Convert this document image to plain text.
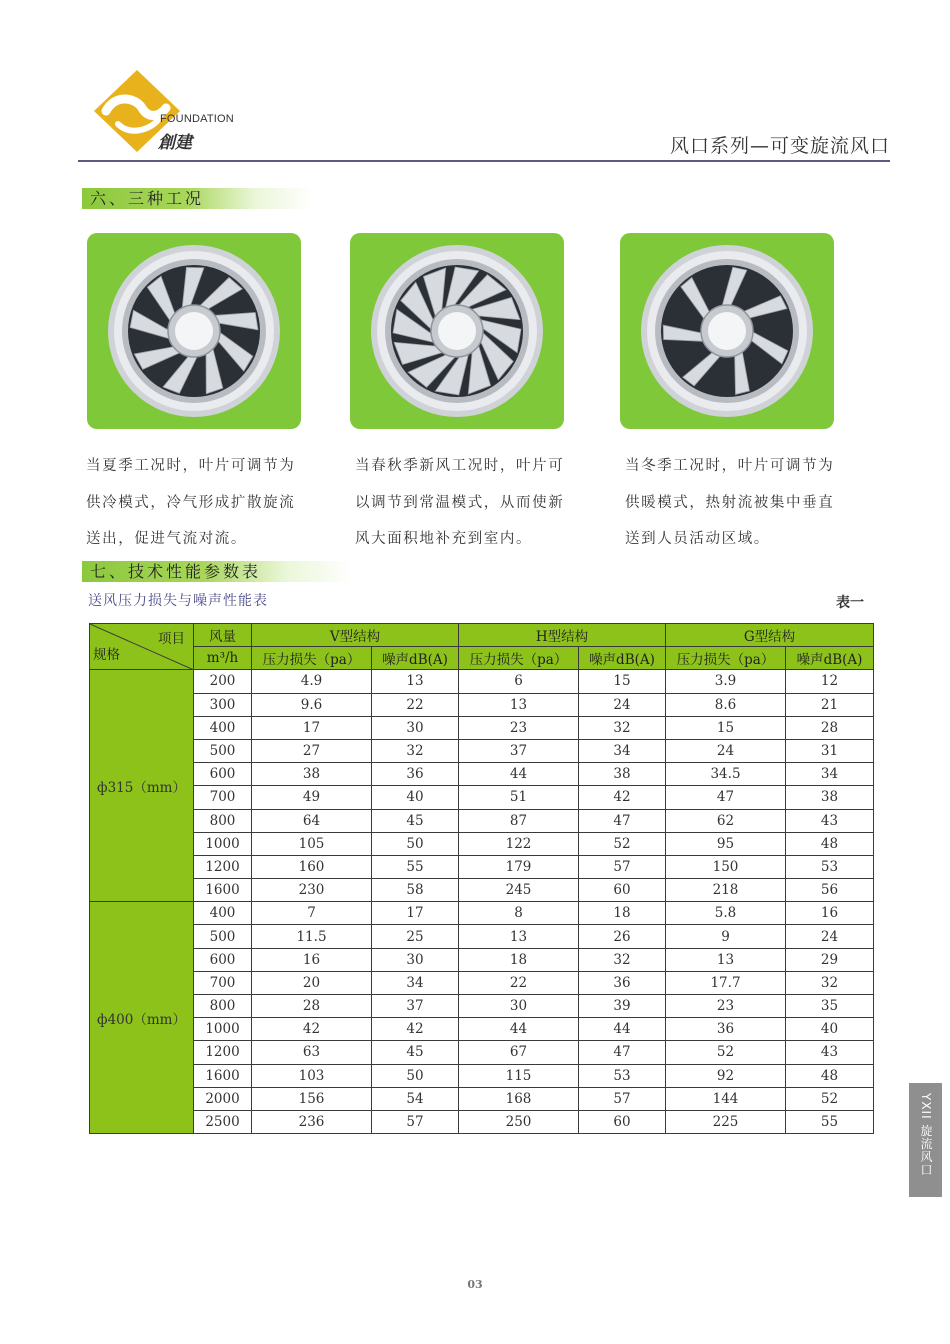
FOUNDATION
創建	风口系列—可变旋流风口
六、三种工况
当夏季工况时，叶片可调节为
供冷模式，冷气形成扩散旋流
送出，促进气流对流。
当春秋季新风工况时，叶片可
以调节到常温模式，从而使新
风大面积地补充到室内。
当冬季工况时，叶片可调节为
供暖模式，热射流被集中垂直
送到人员活动区域。
七、技术性能参数表
送风压力损失与噪声性能表	表一
项目
规格	风量	V型结构		H型结构		G型结构	
	m³/h	压力损失（pa）	噪声dB(A)	压力损失（pa）	噪声dB(A)	压力损失（pa）	噪声dB(A)
ф315（mm）	200	4.9	13	6	15	3.9	12
	300	9.6	22	13	24	8.6	21
	400	17	30	23	32	15	28
	500	27	32	37	34	24	31
	600	38	36	44	38	34.5	34
	700	49	40	51	42	47	38
	800	64	45	87	47	62	43
	1000	105	50	122	52	95	48
	1200	160	55	179	57	150	53
	1600	230	58	245	60	218	56
ф400（mm）	400	7	17	8	18	5.8	16
	500	11.5	25	13	26	9	24
	600	16	30	18	32	13	29
	700	20	34	22	36	17.7	32
	800	28	37	30	39	23	35
	1000	42	42	44	44	36	40
	1200	63	45	67	47	52	43
	1600	103	50	115	53	92	48
	2000	156	54	168	57	144	52
	2500	236	57	250	60	225	55	YXII 旋流风口
03
